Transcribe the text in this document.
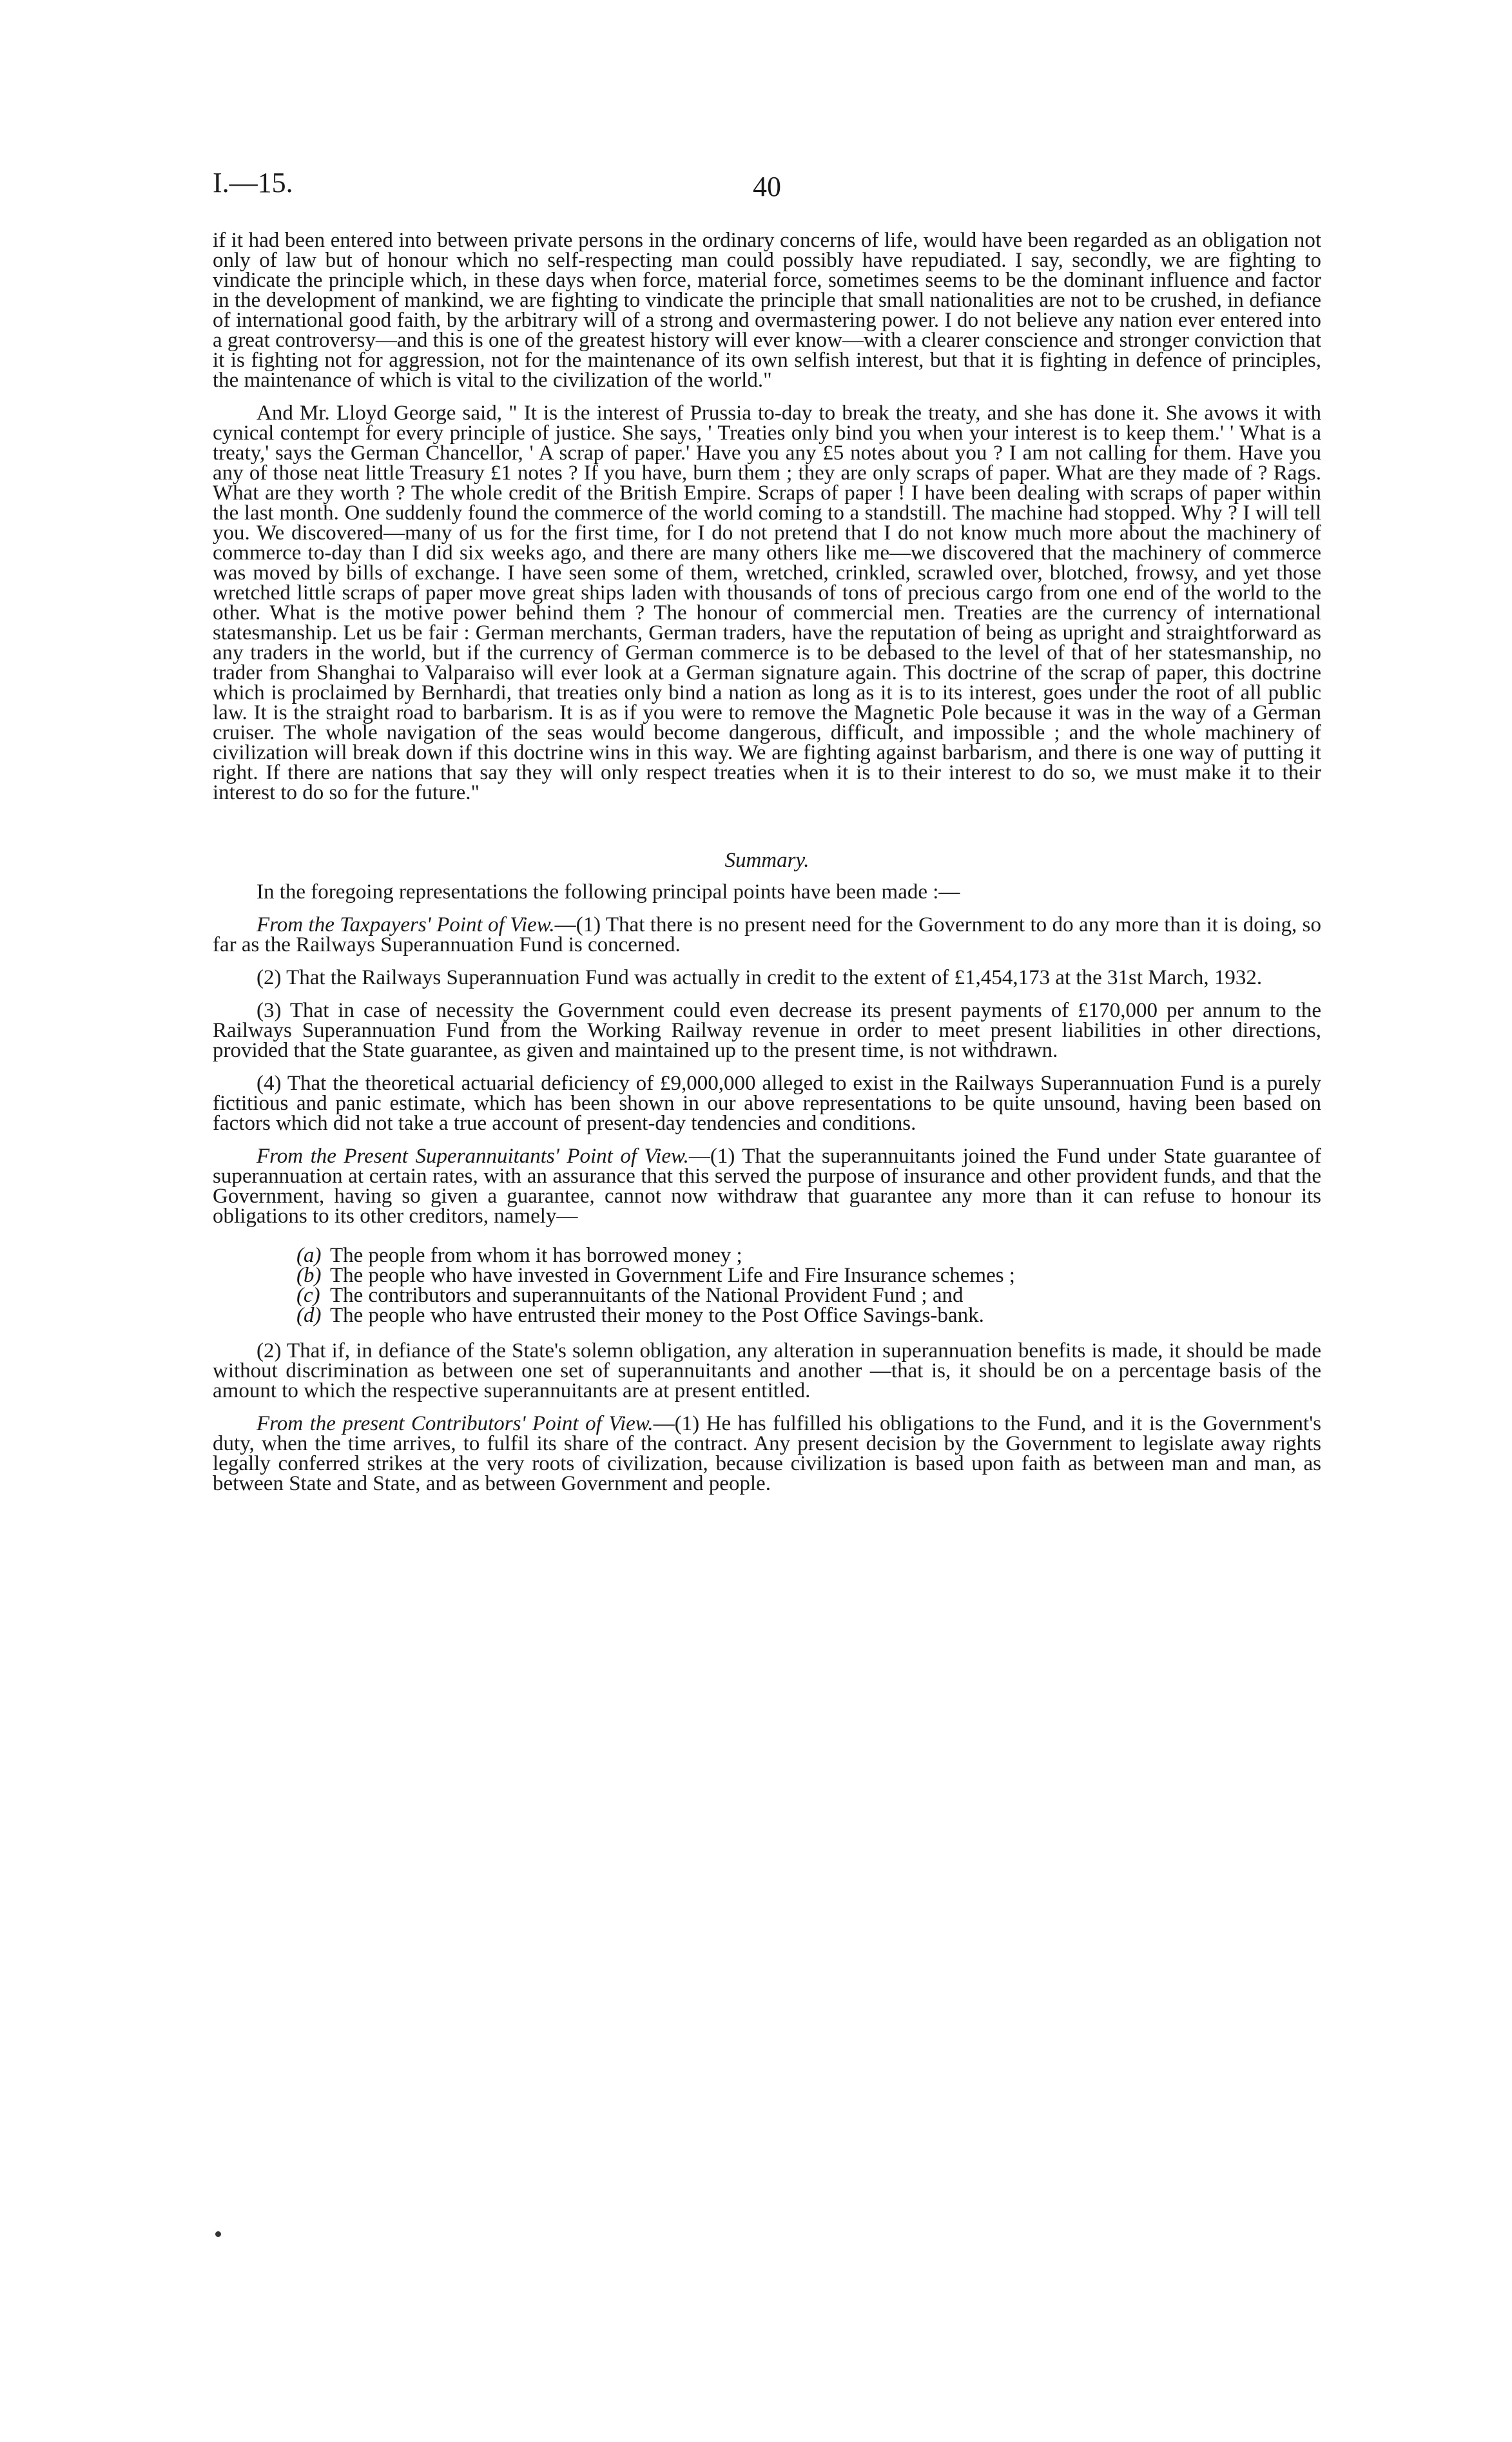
I.—15.	40

if it had been entered into between private persons in the ordinary concerns of life, would have been regarded as an obligation not only of law but of honour which no self-respecting man could possibly have repudiated. I say, secondly, we are fighting to vindicate the principle which, in these days when force, material force, sometimes seems to be the dominant influence and factor in the development of mankind, we are fighting to vindicate the principle that small nationalities are not to be crushed, in defiance of international good faith, by the arbitrary will of a strong and overmastering power. I do not believe any nation ever entered into a great controversy—and this is one of the greatest history will ever know—with a clearer conscience and stronger conviction that it is fighting not for aggression, not for the maintenance of its own selfish interest, but that it is fighting in defence of principles, the maintenance of which is vital to the civilization of the world."

And Mr. Lloyd George said, " It is the interest of Prussia to-day to break the treaty, and she has done it. She avows it with cynical contempt for every principle of justice. She says, ' Treaties only bind you when your interest is to keep them.' ' What is a treaty,' says the German Chancellor, ' A scrap of paper.' Have you any £5 notes about you ? I am not calling for them. Have you any of those neat little Treasury £1 notes ? If you have, burn them ; they are only scraps of paper. What are they made of ? Rags. What are they worth ? The whole credit of the British Empire. Scraps of paper ! I have been dealing with scraps of paper within the last month. One suddenly found the commerce of the world coming to a standstill. The machine had stopped. Why ? I will tell you. We discovered—many of us for the first time, for I do not pretend that I do not know much more about the machinery of commerce to-day than I did six weeks ago, and there are many others like me—we discovered that the machinery of commerce was moved by bills of exchange. I have seen some of them, wretched, crinkled, scrawled over, blotched, frowsy, and yet those wretched little scraps of paper move great ships laden with thousands of tons of precious cargo from one end of the world to the other. What is the motive power behind them ? The honour of commercial men. Treaties are the currency of international statesmanship. Let us be fair : German merchants, German traders, have the reputation of being as upright and straightforward as any traders in the world, but if the currency of German commerce is to be debased to the level of that of her statesmanship, no trader from Shanghai to Valparaiso will ever look at a German signature again. This doctrine of the scrap of paper, this doctrine which is proclaimed by Bernhardi, that treaties only bind a nation as long as it is to its interest, goes under the root of all public law. It is the straight road to barbarism. It is as if you were to remove the Magnetic Pole because it was in the way of a German cruiser. The whole navigation of the seas would become dangerous, difficult, and impossible ; and the whole machinery of civilization will break down if this doctrine wins in this way. We are fighting against barbarism, and there is one way of putting it right. If there are nations that say they will only respect treaties when it is to their interest to do so, we must make it to their interest to do so for the future."

Summary.

In the foregoing representations the following principal points have been made :—

From the Taxpayers' Point of View.—(1) That there is no present need for the Government to do any more than it is doing, so far as the Railways Superannuation Fund is concerned.

(2) That the Railways Superannuation Fund was actually in credit to the extent of £1,454,173 at the 31st March, 1932.

(3) That in case of necessity the Government could even decrease its present payments of £170,000 per annum to the Railways Superannuation Fund from the Working Railway revenue in order to meet present liabilities in other directions, provided that the State guarantee, as given and maintained up to the present time, is not withdrawn.

(4) That the theoretical actuarial deficiency of £9,000,000 alleged to exist in the Railways Superannuation Fund is a purely fictitious and panic estimate, which has been shown in our above representations to be quite unsound, having been based on factors which did not take a true account of present-day tendencies and conditions.

From the Present Superannuitants' Point of View.—(1) That the superannuitants joined the Fund under State guarantee of superannuation at certain rates, with an assurance that this served the purpose of insurance and other provident funds, and that the Government, having so given a guarantee, cannot now withdraw that guarantee any more than it can refuse to honour its obligations to its other creditors, namely—

(a) The people from whom it has borrowed money ;
(b) The people who have invested in Government Life and Fire Insurance schemes ;
(c) The contributors and superannuitants of the National Provident Fund ; and
(d) The people who have entrusted their money to the Post Office Savings-bank.

(2) That if, in defiance of the State's solemn obligation, any alteration in superannuation benefits is made, it should be made without discrimination as between one set of superannuitants and another —that is, it should be on a percentage basis of the amount to which the respective superannuitants are at present entitled.

From the present Contributors' Point of View.—(1) He has fulfilled his obligations to the Fund, and it is the Government's duty, when the time arrives, to fulfil its share of the contract. Any present decision by the Government to legislate away rights legally conferred strikes at the very roots of civilization, because civilization is based upon faith as between man and man, as between State and State, and as between Government and people.
